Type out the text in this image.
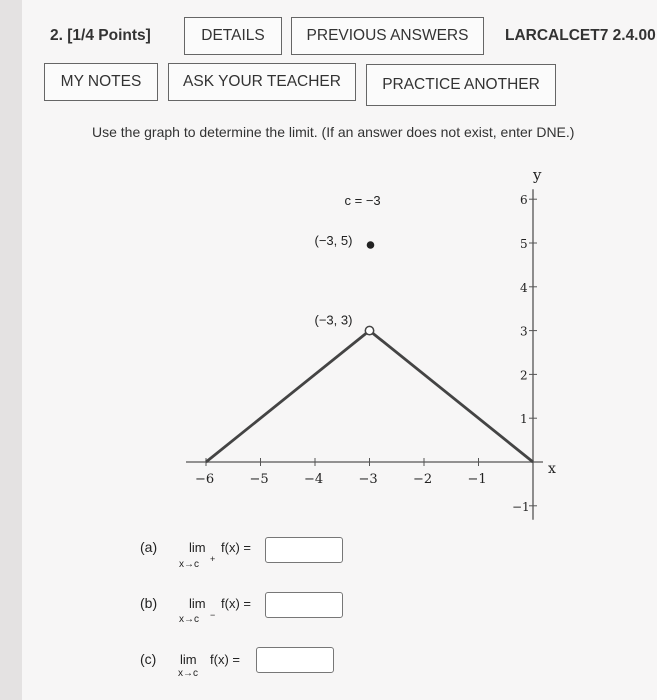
2. [1/4 Points]	DETAILS	PREVIOUS ANSWERS	LARCALCET7 2.4.00
MY NOTES	ASK YOUR TEACHER	PRACTICE ANOTHER
Use the graph to determine the limit. (If an answer does not exist, enter DNE.)
−6	−5	−4	−3	−2	−1
1
2
3
4
5
6
−1
x
y
(−3, 3)
(−3, 5)
c = −3
(a) lim f(x) =
x→c +
(b) lim f(x) =
x→c −
(c) lim f(x) =
x→c
